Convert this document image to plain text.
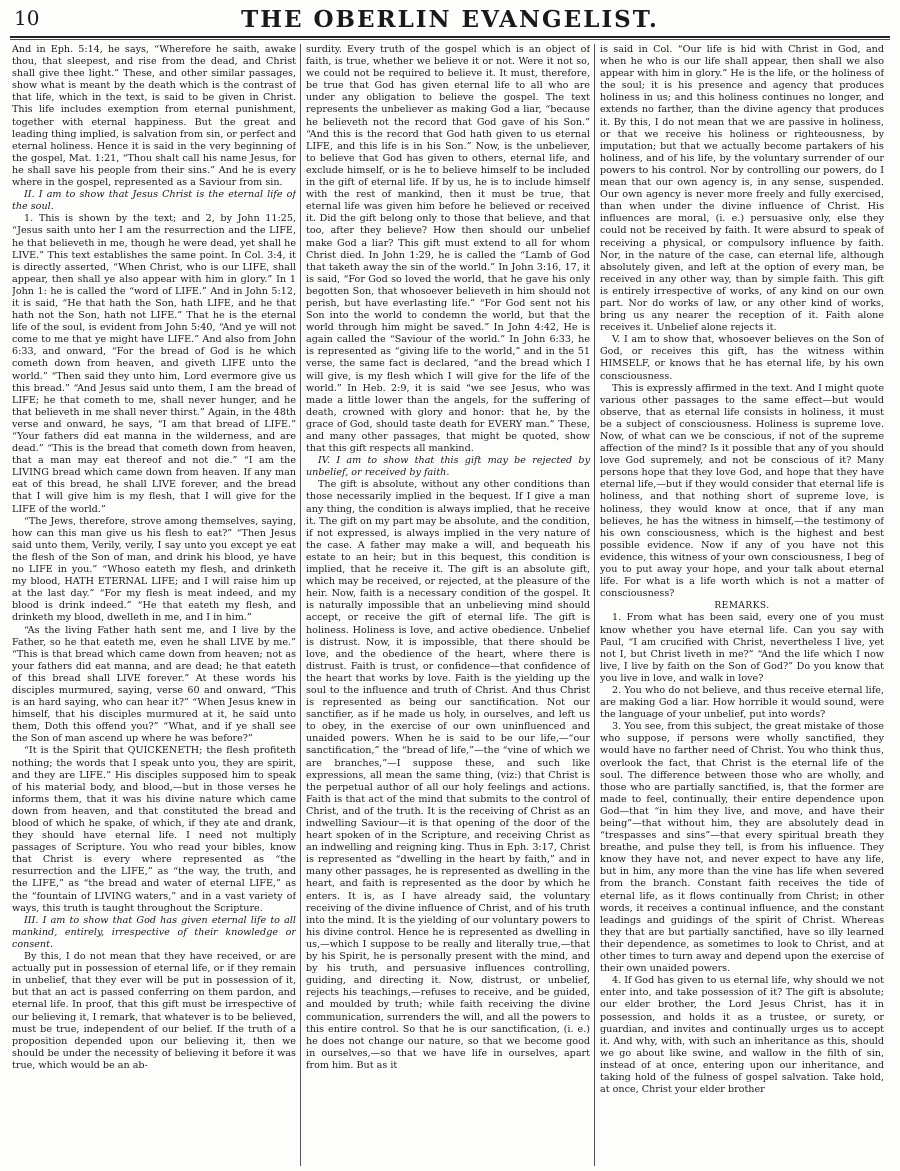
10	THE OBERLIN EVANGELIST.

And in Eph. 5:14, he says, “Wherefore he saith, awake thou, that sleepest, and rise from the dead, and Christ shall give thee light.” These, and other similar passages, show what is meant by the death which is the contrast of that life, which in the text, is said to be given in Christ. This life includes exemption from eternal punishment, together with eternal happiness. But the great and leading thing implied, is salvation from sin, or perfect and eternal holiness. Hence it is said in the very beginning of the gospel, Mat. 1:21, “Thou shalt call his name Jesus, for he shall save his people from their sins.” And he is every where in the gospel, represented as a Saviour from sin.

II. I am to show that Jesus Christ is the eternal life of the soul.

1. This is shown by the text; and 2, by John 11:25, “Jesus saith unto her I am the resurrection and the LIFE, he that believeth in me, though he were dead, yet shall he LIVE.” This text establishes the same point. In Col. 3:4, it is directly asserted, “When Christ, who is our LIFE, shall appear, then shall ye also appear with him in glory.” In 1 John 1: he is called the “word of LIFE.” And in John 5:12, it is said, “He that hath the Son, hath LIFE, and he that hath not the Son, hath not LIFE.” That he is the eternal life of the soul, is evident from John 5:40, “And ye will not come to me that ye might have LIFE.” And also from John 6:33, and onward, “For the bread of God is he which cometh down from heaven, and giveth LIFE unto the world.” “Then said they unto him, Lord evermore give us this bread.” “And Jesus said unto them, I am the bread of LIFE; he that cometh to me, shall never hunger, and he that believeth in me shall never thirst.” Again, in the 48th verse and onward, he says, “I am that bread of LIFE.” “Your fathers did eat manna in the wilderness, and are dead.” “This is the bread that cometh down from heaven, that a man may eat thereof and not die.” “I am the LIVING bread which came down from heaven. If any man eat of this bread, he shall LIVE forever, and the bread that I will give him is my flesh, that I will give for the LIFE of the world.”

“The Jews, therefore, strove among themselves, saying, how can this man give us his flesh to eat?” “Then Jesus said unto them, Verily, verily, I say unto you except ye eat the flesh of the Son of man, and drink his blood, ye have no LIFE in you.” “Whoso eateth my flesh, and drinketh my blood, HATH ETERNAL LIFE; and I will raise him up at the last day.” “For my flesh is meat indeed, and my blood is drink indeed.” “He that eateth my flesh, and drinketh my blood, dwelleth in me, and I in him.”

“As the living Father hath sent me, and I live by the Father, so he that eateth me, even he shall LIVE by me.” “This is that bread which came down from heaven; not as your fathers did eat manna, and are dead; he that eateth of this bread shall LIVE forever.” At these words his disciples murmured, saying, verse 60 and onward, “This is an hard saying, who can hear it?” “When Jesus knew in himself, that his disciples murmured at it, he said unto them, Doth this offend you?” “What, and if ye shall see the Son of man ascend up where he was before?”

“It is the Spirit that QUICKENETH; the flesh profiteth nothing; the words that I speak unto you, they are spirit, and they are LIFE.” His disciples supposed him to speak of his material body, and blood,—but in those verses he informs them, that it was his divine nature which came down from heaven, and that constituted the bread and blood of which he spake, of which, if they ate and drank, they should have eternal life. I need not multiply passages of Scripture. You who read your bibles, know that Christ is every where represented as “the resurrection and the LIFE,” as “the way, the truth, and the LIFE,” as “the bread and water of eternal LIFE,” as the “fountain of LIVING waters,” and in a vast variety of ways, this truth is taught throughout the Scripture.

III. I am to show that God has given eternal life to all mankind, entirely, irrespective of their knowledge or consent.

By this, I do not mean that they have received, or are actually put in possession of eternal life, or if they remain in unbelief, that they ever will be put in possession of it, but that an act is passed conferring on them pardon, and eternal life. In proof, that this gift must be irrespective of our believing it, I remark, that whatever is to be believed, must be true, independent of our belief. If the truth of a proposition depended upon our believing it, then we should be under the necessity of believing it before it was true, which would be an ab-

surdity. Every truth of the gospel which is an object of faith, is true, whether we believe it or not. Were it not so, we could not be required to believe it. It must, therefore, be true that God has given eternal life to all who are under any obligation to believe the gospel. The text represents the unbeliever as making God a liar, “because he believeth not the record that God gave of his Son.” “And this is the record that God hath given to us eternal LIFE, and this life is in his Son.” Now, is the unbeliever, to believe that God has given to others, eternal life, and exclude himself, or is he to believe himself to be included in the gift of eternal life. If by us, he is to include himself with the rest of mankind, then it must be true, that eternal life was given him before he believed or received it. Did the gift belong only to those that believe, and that too, after they believe? How then should our unbelief make God a liar? This gift must extend to all for whom Christ died. In John 1:29, he is called the “Lamb of God that taketh away the sin of the world.” In John 3:16, 17, it is said, “For God so loved the world, that he gave his only begotten Son, that whosoever believeth in him should not perish, but have everlasting life.” “For God sent not his Son into the world to condemn the world, but that the world through him might be saved.” In John 4:42, He is again called the “Saviour of the world.” In John 6:33, he is represented as “giving life to the world,” and in the 51 verse, the same fact is declared, “and the bread which I will give, is my flesh which I will give for the life of the world.” In Heb. 2:9, it is said “we see Jesus, who was made a little lower than the angels, for the suffering of death, crowned with glory and honor: that he, by the grace of God, should taste death for EVERY man.” These, and many other passages, that might be quoted, show that this gift respects all mankind.

IV. I am to show that this gift may be rejected by unbelief, or received by faith.

The gift is absolute, without any other conditions than those necessarily implied in the bequest. If I give a man any thing, the condition is always implied, that he receive it. The gift on my part may be absolute, and the condition, if not expressed, is always implied in the very nature of the case. A father may make a will, and bequeath his estate to an heir; but in this bequest, this condition is implied, that he receive it. The gift is an absolute gift, which may be received, or rejected, at the pleasure of the heir. Now, faith is a necessary condition of the gospel. It is naturally impossible that an unbelieving mind should accept, or receive the gift of eternal life. The gift is holiness. Holiness is love, and active obedience. Unbelief is distrust. Now, it is impossible, that there should be love, and the obedience of the heart, where there is distrust. Faith is trust, or confidence—that confidence of the heart that works by love. Faith is the yielding up the soul to the influence and truth of Christ. And thus Christ is represented as being our sanctification. Not our sanctifier, as if he made us holy, in ourselves, and left us to obey, in the exercise of our own uninfluenced and unaided powers. When he is said to be our life,—“our sanctification,” the “bread of life,”—the “vine of which we are branches,”—I suppose these, and such like expressions, all mean the same thing, (viz:) that Christ is the perpetual author of all our holy feelings and actions. Faith is that act of the mind that submits to the control of Christ, and of the truth. It is the receiving of Christ as an indwelling Saviour—it is that opening of the door of the heart spoken of in the Scripture, and receiving Christ as an indwelling and reigning king. Thus in Eph. 3:17, Christ is represented as “dwelling in the heart by faith,” and in many other passages, he is represented as dwelling in the heart, and faith is represented as the door by which he enters. It is, as I have already said, the voluntary receiving of the divine influence of Christ, and of his truth into the mind. It is the yielding of our voluntary powers to his divine control. Hence he is represented as dwelling in us,—which I suppose to be really and literally true,—that by his Spirit, he is personally present with the mind, and by his truth, and persuasive influences controlling, guiding, and directing it. Now, distrust, or unbelief, rejects his teachings,—refuses to receive, and be guided, and moulded by truth; while faith receiving the divine communication, surrenders the will, and all the powers to this entire control. So that he is our sanctification, (i. e.) he does not change our nature, so that we become good in ourselves,—so that we have life in ourselves, apart from him. But as it

is said in Col. “Our life is hid with Christ in God, and when he who is our life shall appear, then shall we also appear with him in glory.” He is the life, or the holiness of the soul; it is his presence and agency that produces holiness in us; and this holiness continues no longer, and extends no farther, than the divine agency that produces it. By this, I do not mean that we are passive in holiness, or that we receive his holiness or righteousness, by imputation; but that we actually become partakers of his holiness, and of his life, by the voluntary surrender of our powers to his control. Nor by controlling our powers, do I mean that our own agency is, in any sense, suspended. Our own agency is never more freely and fully exercised, than when under the divine influence of Christ. His influences are moral, (i. e.) persuasive only, else they could not be received by faith. It were absurd to speak of receiving a physical, or compulsory influence by faith. Nor, in the nature of the case, can eternal life, although absolutely given, and left at the option of every man, be received in any other way, than by simple faith. This gift is entirely irrespective of works, of any kind on our own part. Nor do works of law, or any other kind of works, bring us any nearer the reception of it. Faith alone receives it. Unbelief alone rejects it.

V. I am to show that, whosoever believes on the Son of God, or receives this gift, has the witness within HIMSELF, or knows that he has eternal life, by his own consciousness.

This is expressly affirmed in the text. And I might quote various other passages to the same effect—but would observe, that as eternal life consists in holiness, it must be a subject of consciousness. Holiness is supreme love. Now, of what can we be conscious, if not of the supreme affection of the mind? Is it possible that any of you should love God supremely, and not be conscious of it? Many persons hope that they love God, and hope that they have eternal life,—but if they would consider that eternal life is holiness, and that nothing short of supreme love, is holiness, they would know at once, that if any man believes, he has the witness in himself,—the testimony of his own consciousness, which is the highest and best possible evidence. Now if any of you have not this evidence, this witness of your own consciousness, I beg of you to put away your hope, and your talk about eternal life. For what is a life worth which is not a matter of consciousness?

REMARKS.

1. From what has been said, every one of you must know whether you have eternal life. Can you say with Paul, “I am crucified with Christ, nevertheless I live, yet not I, but Christ liveth in me?” “And the life which I now live, I live by faith on the Son of God?” Do you know that you live in love, and walk in love?

2. You who do not believe, and thus receive eternal life, are making God a liar. How horrible it would sound, were the language of your unbelief, put into words?

3. You see, from this subject, the great mistake of those who suppose, if persons were wholly sanctified, they would have no farther need of Christ. You who think thus, overlook the fact, that Christ is the eternal life of the soul. The difference between those who are wholly, and those who are partially sanctified, is, that the former are made to feel, continually, their entire dependence upon God—that “in him they live, and move, and have their being”—that without him, they are absolutely dead in “trespasses and sins”—that every spiritual breath they breathe, and pulse they tell, is from his influence. They know they have not, and never expect to have any life, but in him, any more than the vine has life when severed from the branch. Constant faith receives the tide of eternal life, as it flows continually from Christ; in other words, it receives a continual influence, and the constant leadings and guidings of the spirit of Christ. Whereas they that are but partially sanctified, have so illy learned their dependence, as sometimes to look to Christ, and at other times to turn away and depend upon the exercise of their own unaided powers.

4. If God has given to us eternal life, why should we not enter into, and take possession of it? The gift is absolute; our elder brother, the Lord Jesus Christ, has it in possession, and holds it as a trustee, or surety, or guardian, and invites and continually urges us to accept it. And why, with, with such an inheritance as this, should we go about like swine, and wallow in the filth of sin, instead of at once, entering upon our inheritance, and taking hold of the fulness of gospel salvation. Take hold, at once, Christ your elder brother
